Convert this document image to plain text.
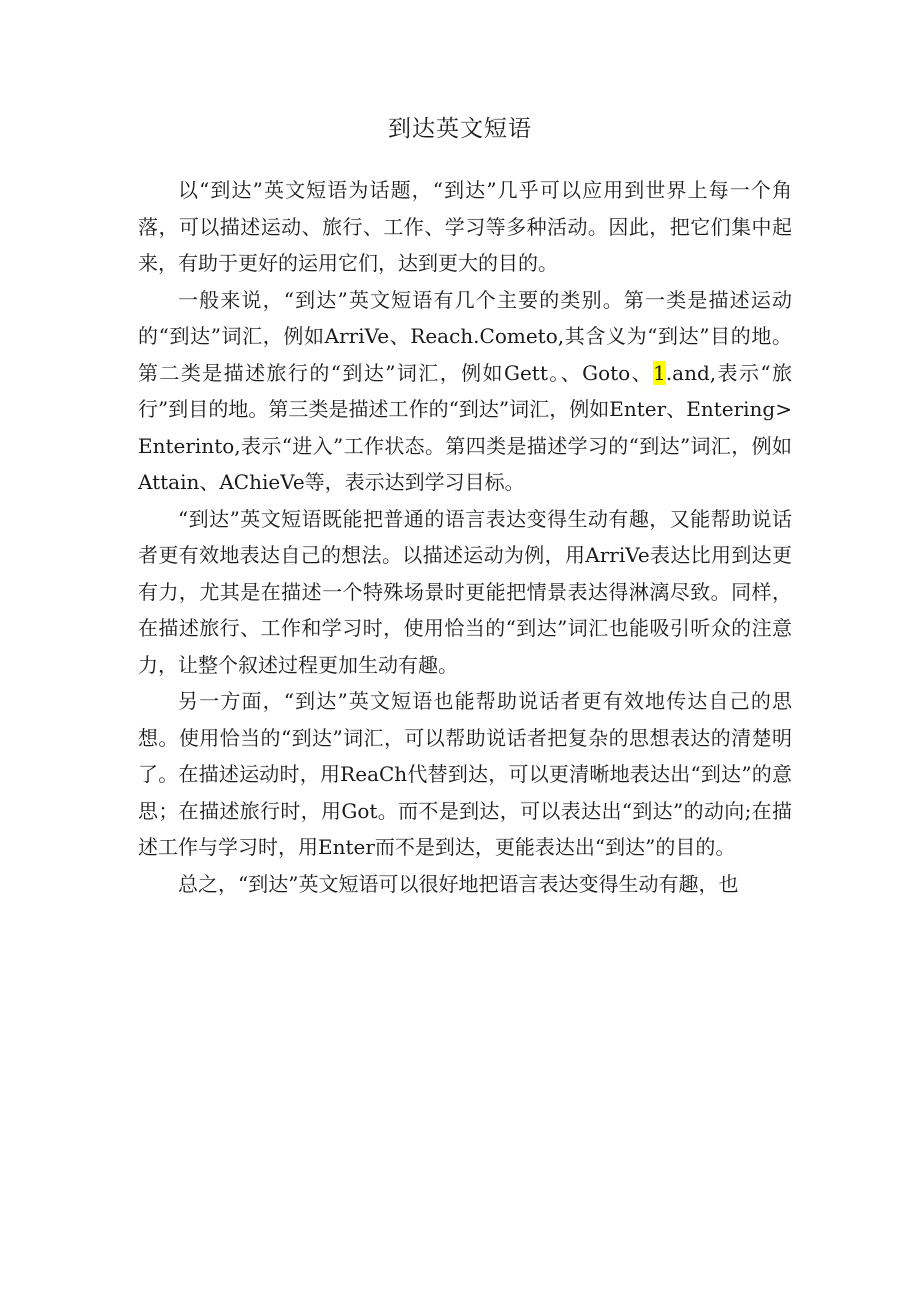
到达英文短语

以“到达”英文短语为话题，“到达”几乎可以应用到世界上每一个角落，可以描述运动、旅行、工作、学习等多种活动。因此，把它们集中起来，有助于更好的运用它们，达到更大的目的。

一般来说，“到达”英文短语有几个主要的类别。第一类是描述运动的“到达”词汇，例如ArriVe、Reach.Cometo,其含义为“到达”目的地。第二类是描述旅行的“到达”词汇，例如Gett。、Goto、1.and,表示“旅行”到目的地。第三类是描述工作的“到达”词汇，例如Enter、Entering>Enterinto,表示“进入”工作状态。第四类是描述学习的“到达”词汇，例如Attain、AChieVe等，表示达到学习目标。

“到达”英文短语既能把普通的语言表达变得生动有趣，又能帮助说话者更有效地表达自己的想法。以描述运动为例，用ArriVe表达比用到达更有力，尤其是在描述一个特殊场景时更能把情景表达得淋漓尽致。同样，在描述旅行、工作和学习时，使用恰当的“到达”词汇也能吸引听众的注意力，让整个叙述过程更加生动有趣。

另一方面，“到达”英文短语也能帮助说话者更有效地传达自己的思想。使用恰当的“到达”词汇，可以帮助说话者把复杂的思想表达的清楚明了。在描述运动时，用ReaCh代替到达，可以更清晰地表达出“到达”的意思；在描述旅行时，用Got。而不是到达，可以表达出“到达”的动向;在描述工作与学习时，用Enter而不是到达，更能表达出“到达”的目的。

总之，“到达”英文短语可以很好地把语言表达变得生动有趣，也
